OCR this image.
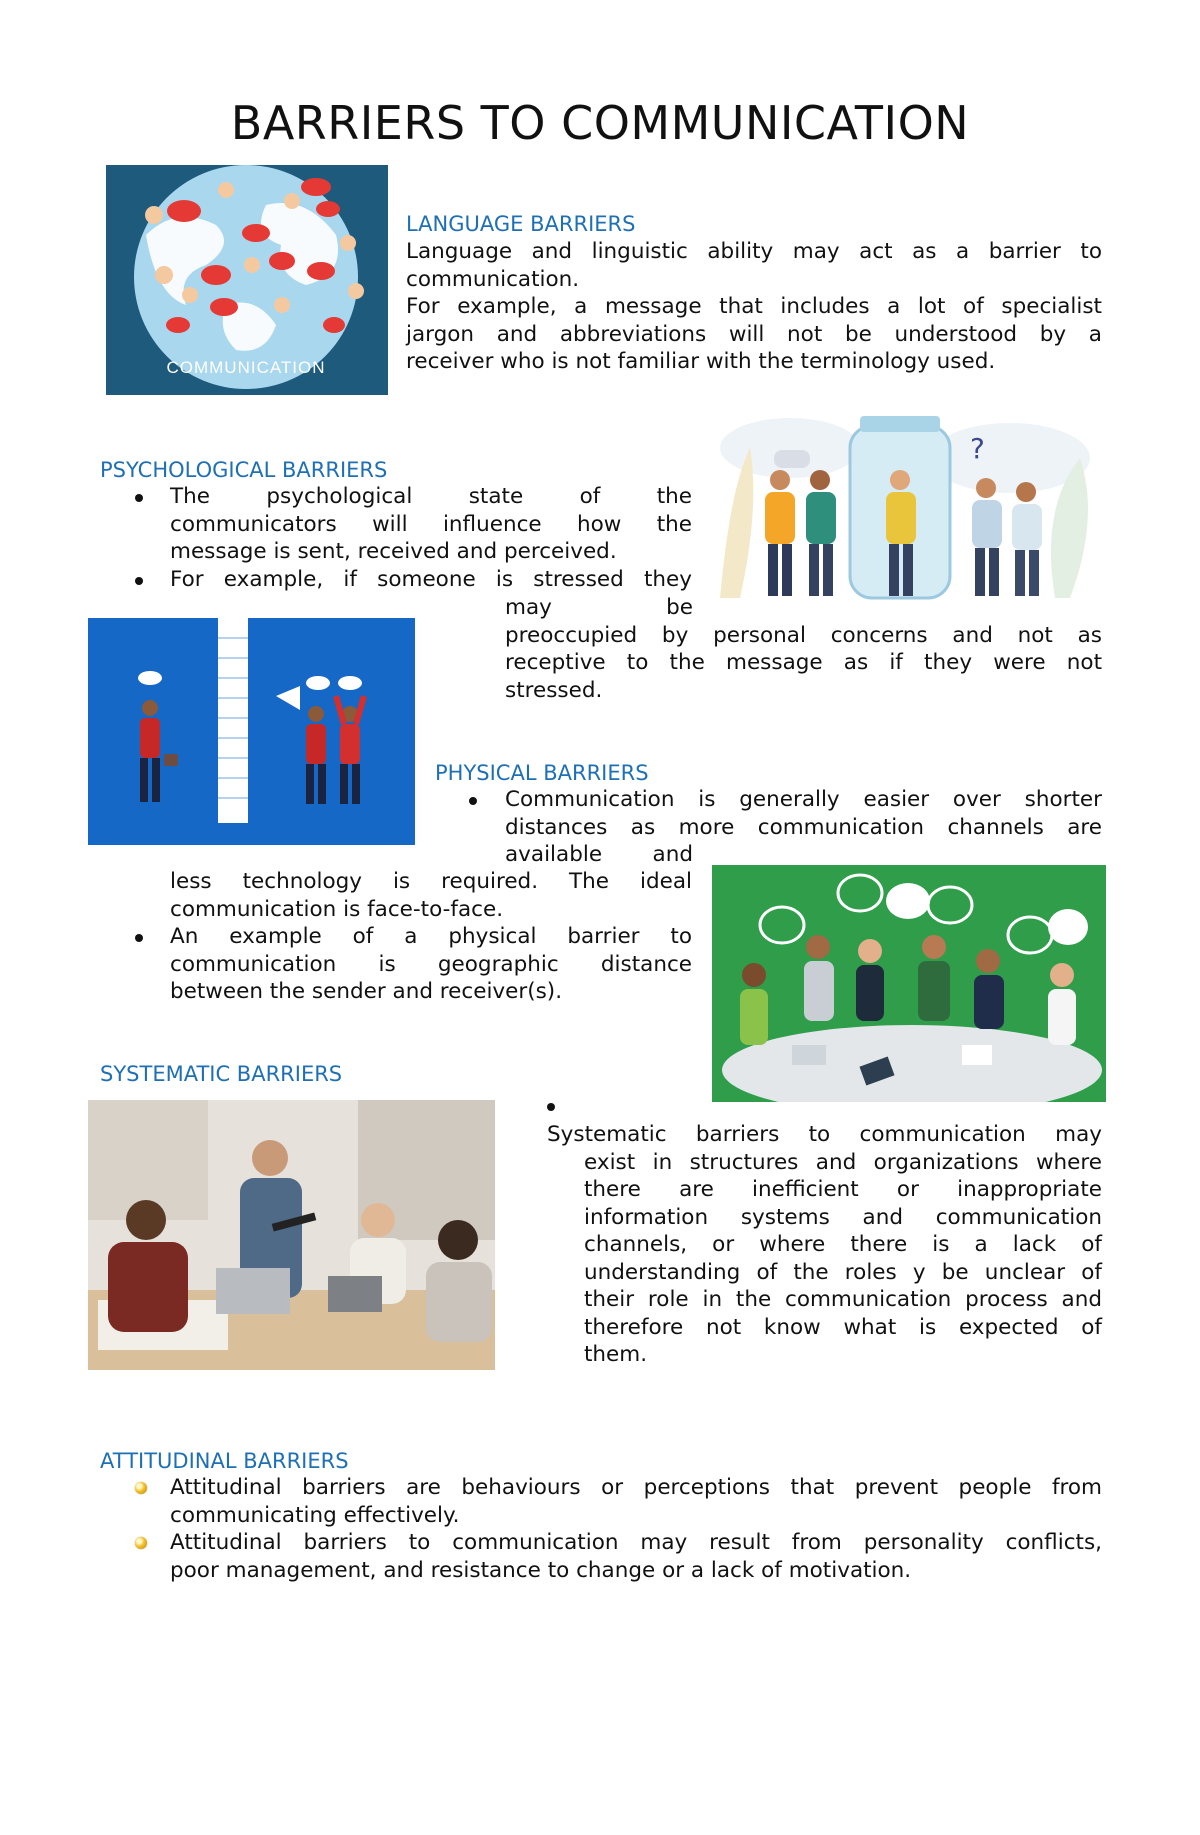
BARRIERS TO COMMUNICATION
COMMUNICATION
LANGUAGE BARRIERS
Language and linguistic ability may act as a barrier to
communication.
For example, a message that includes a lot of specialist
jargon and abbreviations will not be understood by a
receiver who is not familiar with the terminology used.
?
PSYCHOLOGICAL BARRIERS
The psychological state of the
communicators will influence how the
message is sent, received and perceived.
For example, if someone is stressed they
may be
preoccupied by personal concerns and not as
receptive to the message as if they were not
stressed.
PHYSICAL BARRIERS
Communication is generally easier over shorter
distances as more communication channels are
available and
less technology is required. The ideal
communication is face-to-face.
An example of a physical barrier to
communication is geographic distance
between the sender and receiver(s).
SYSTEMATIC BARRIERS
Systematic barriers to communication may
exist in structures and organizations where
there are inefficient or inappropriate
information systems and communication
channels, or where there is a lack of
understanding of the roles y be unclear of
their role in the communication process and
therefore not know what is expected of
them.
ATTITUDINAL BARRIERS
Attitudinal barriers are behaviours or perceptions that prevent people from
communicating effectively.
Attitudinal barriers to communication may result from personality conflicts,
poor management, and resistance to change or a lack of motivation.
